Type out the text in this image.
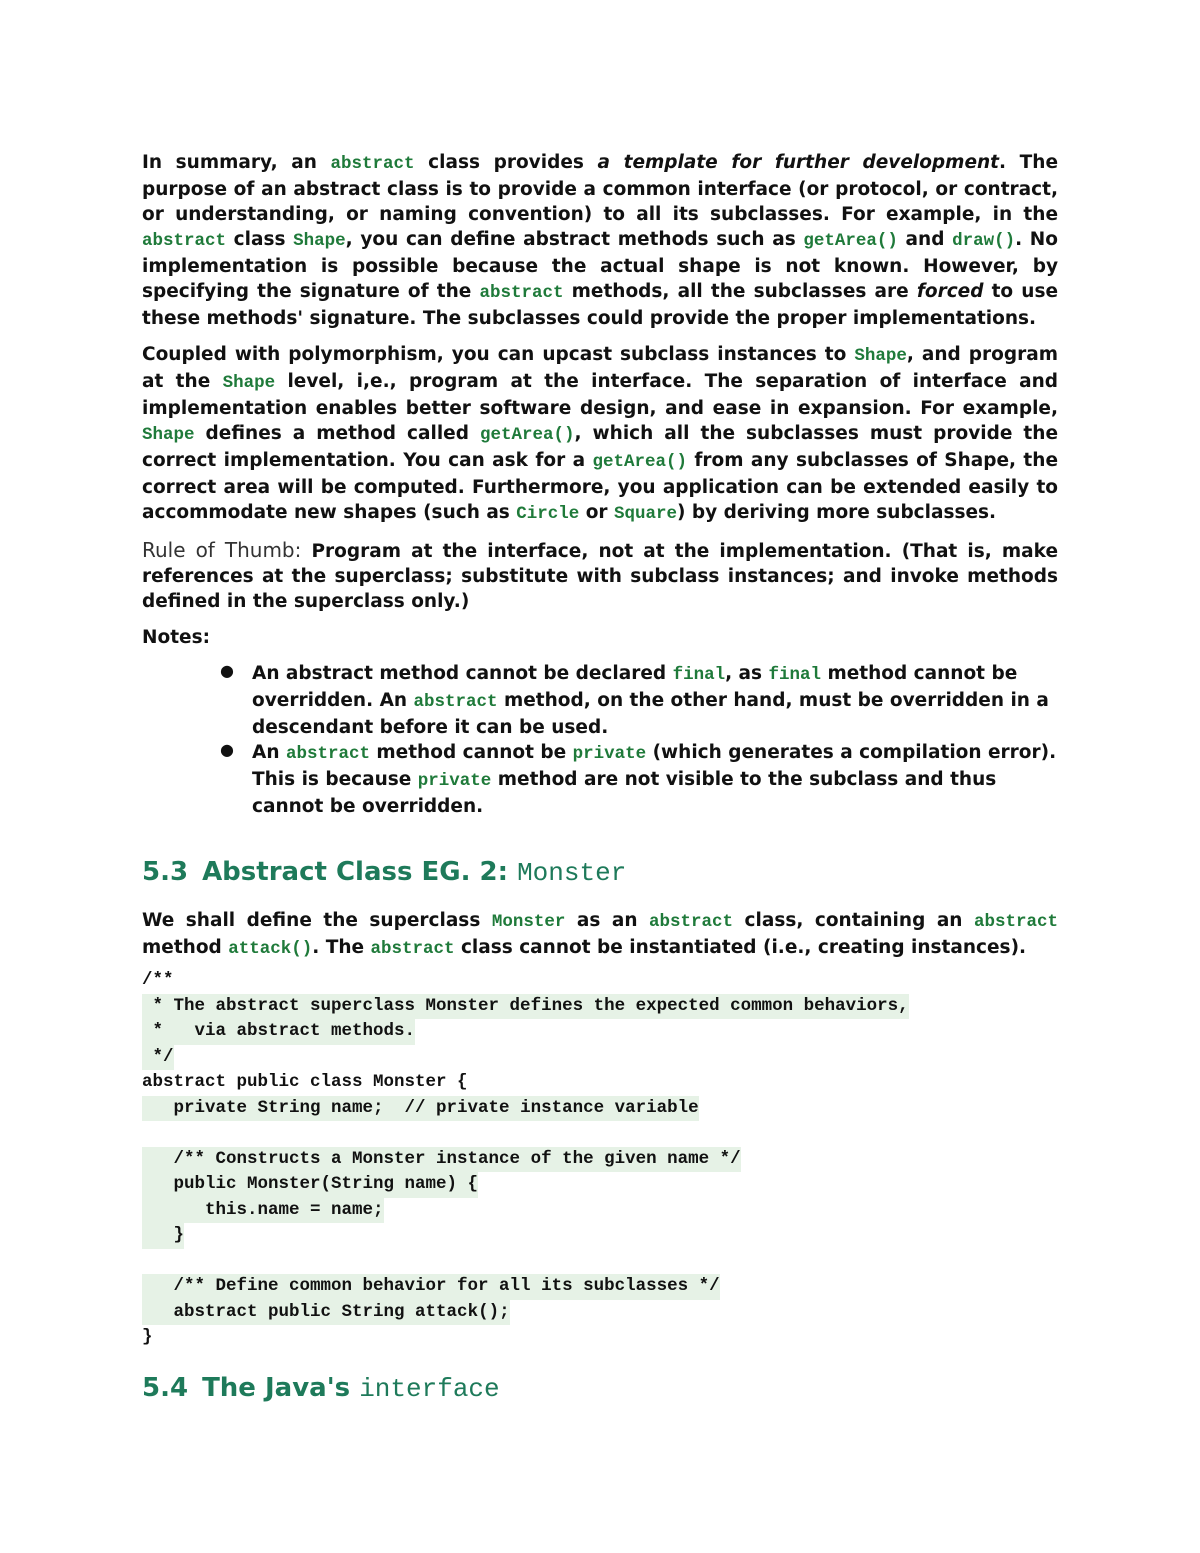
In summary, an abstract class provides a template for further development. The purpose of an abstract class is to provide a common interface (or protocol, or contract, or understanding, or naming convention) to all its subclasses. For example, in the abstract class Shape, you can define abstract methods such as getArea() and draw(). No implementation is possible because the actual shape is not known. However, by specifying the signature of the abstract methods, all the subclasses are forced to use these methods' signature. The subclasses could provide the proper implementations.

Coupled with polymorphism, you can upcast subclass instances to Shape, and program at the Shape level, i,e., program at the interface. The separation of interface and implementation enables better software design, and ease in expansion. For example, Shape defines a method called getArea(), which all the subclasses must provide the correct implementation. You can ask for a getArea() from any subclasses of Shape, the correct area will be computed. Furthermore, you application can be extended easily to accommodate new shapes (such as Circle or Square) by deriving more subclasses.

Rule of Thumb: Program at the interface, not at the implementation. (That is, make references at the superclass; substitute with subclass instances; and invoke methods defined in the superclass only.)

Notes:

● An abstract method cannot be declared final, as final method cannot be overridden. An abstract method, on the other hand, must be overridden in a descendant before it can be used.

● An abstract method cannot be private (which generates a compilation error). This is because private method are not visible to the subclass and thus cannot be overridden.

5.3 Abstract Class EG. 2: Monster

We shall define the superclass Monster as an abstract class, containing an abstract method attack(). The abstract class cannot be instantiated (i.e., creating instances).

/**
* The abstract superclass Monster defines the expected common behaviors,
*   via abstract methods.
*/
abstract public class Monster {
private String name;  // private instance variable
/** Constructs a Monster instance of the given name */
public Monster(String name) {
this.name = name;
}
/** Define common behavior for all its subclasses */
abstract public String attack();
}
5.4 The Java's interface
